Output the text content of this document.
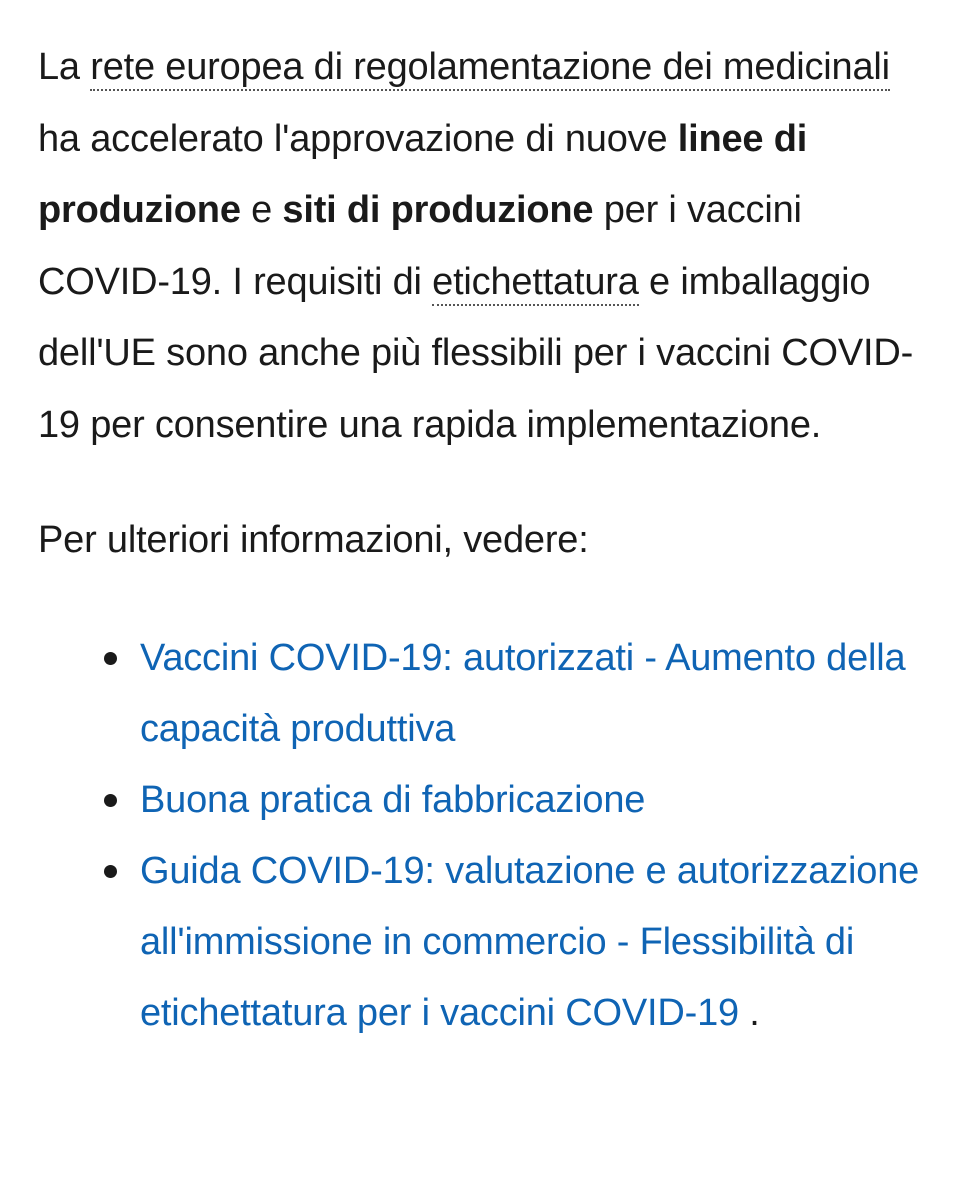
La rete europea di regolamentazione dei medicinali ha accelerato l'approvazione di nuove linee di produzione e siti di produzione per i vaccini COVID-19. I requisiti di etichettatura e imballaggio dell'UE sono anche più flessibili per i vaccini COVID-19 per consentire una rapida implementazione.

Per ulteriori informazioni, vedere:

Vaccini COVID-19: autorizzati - Aumento della capacità produttiva
Buona pratica di fabbricazione
Guida COVID-19: valutazione e autorizzazione all'immissione in commercio - Flessibilità di etichettatura per i vaccini COVID-19 .
